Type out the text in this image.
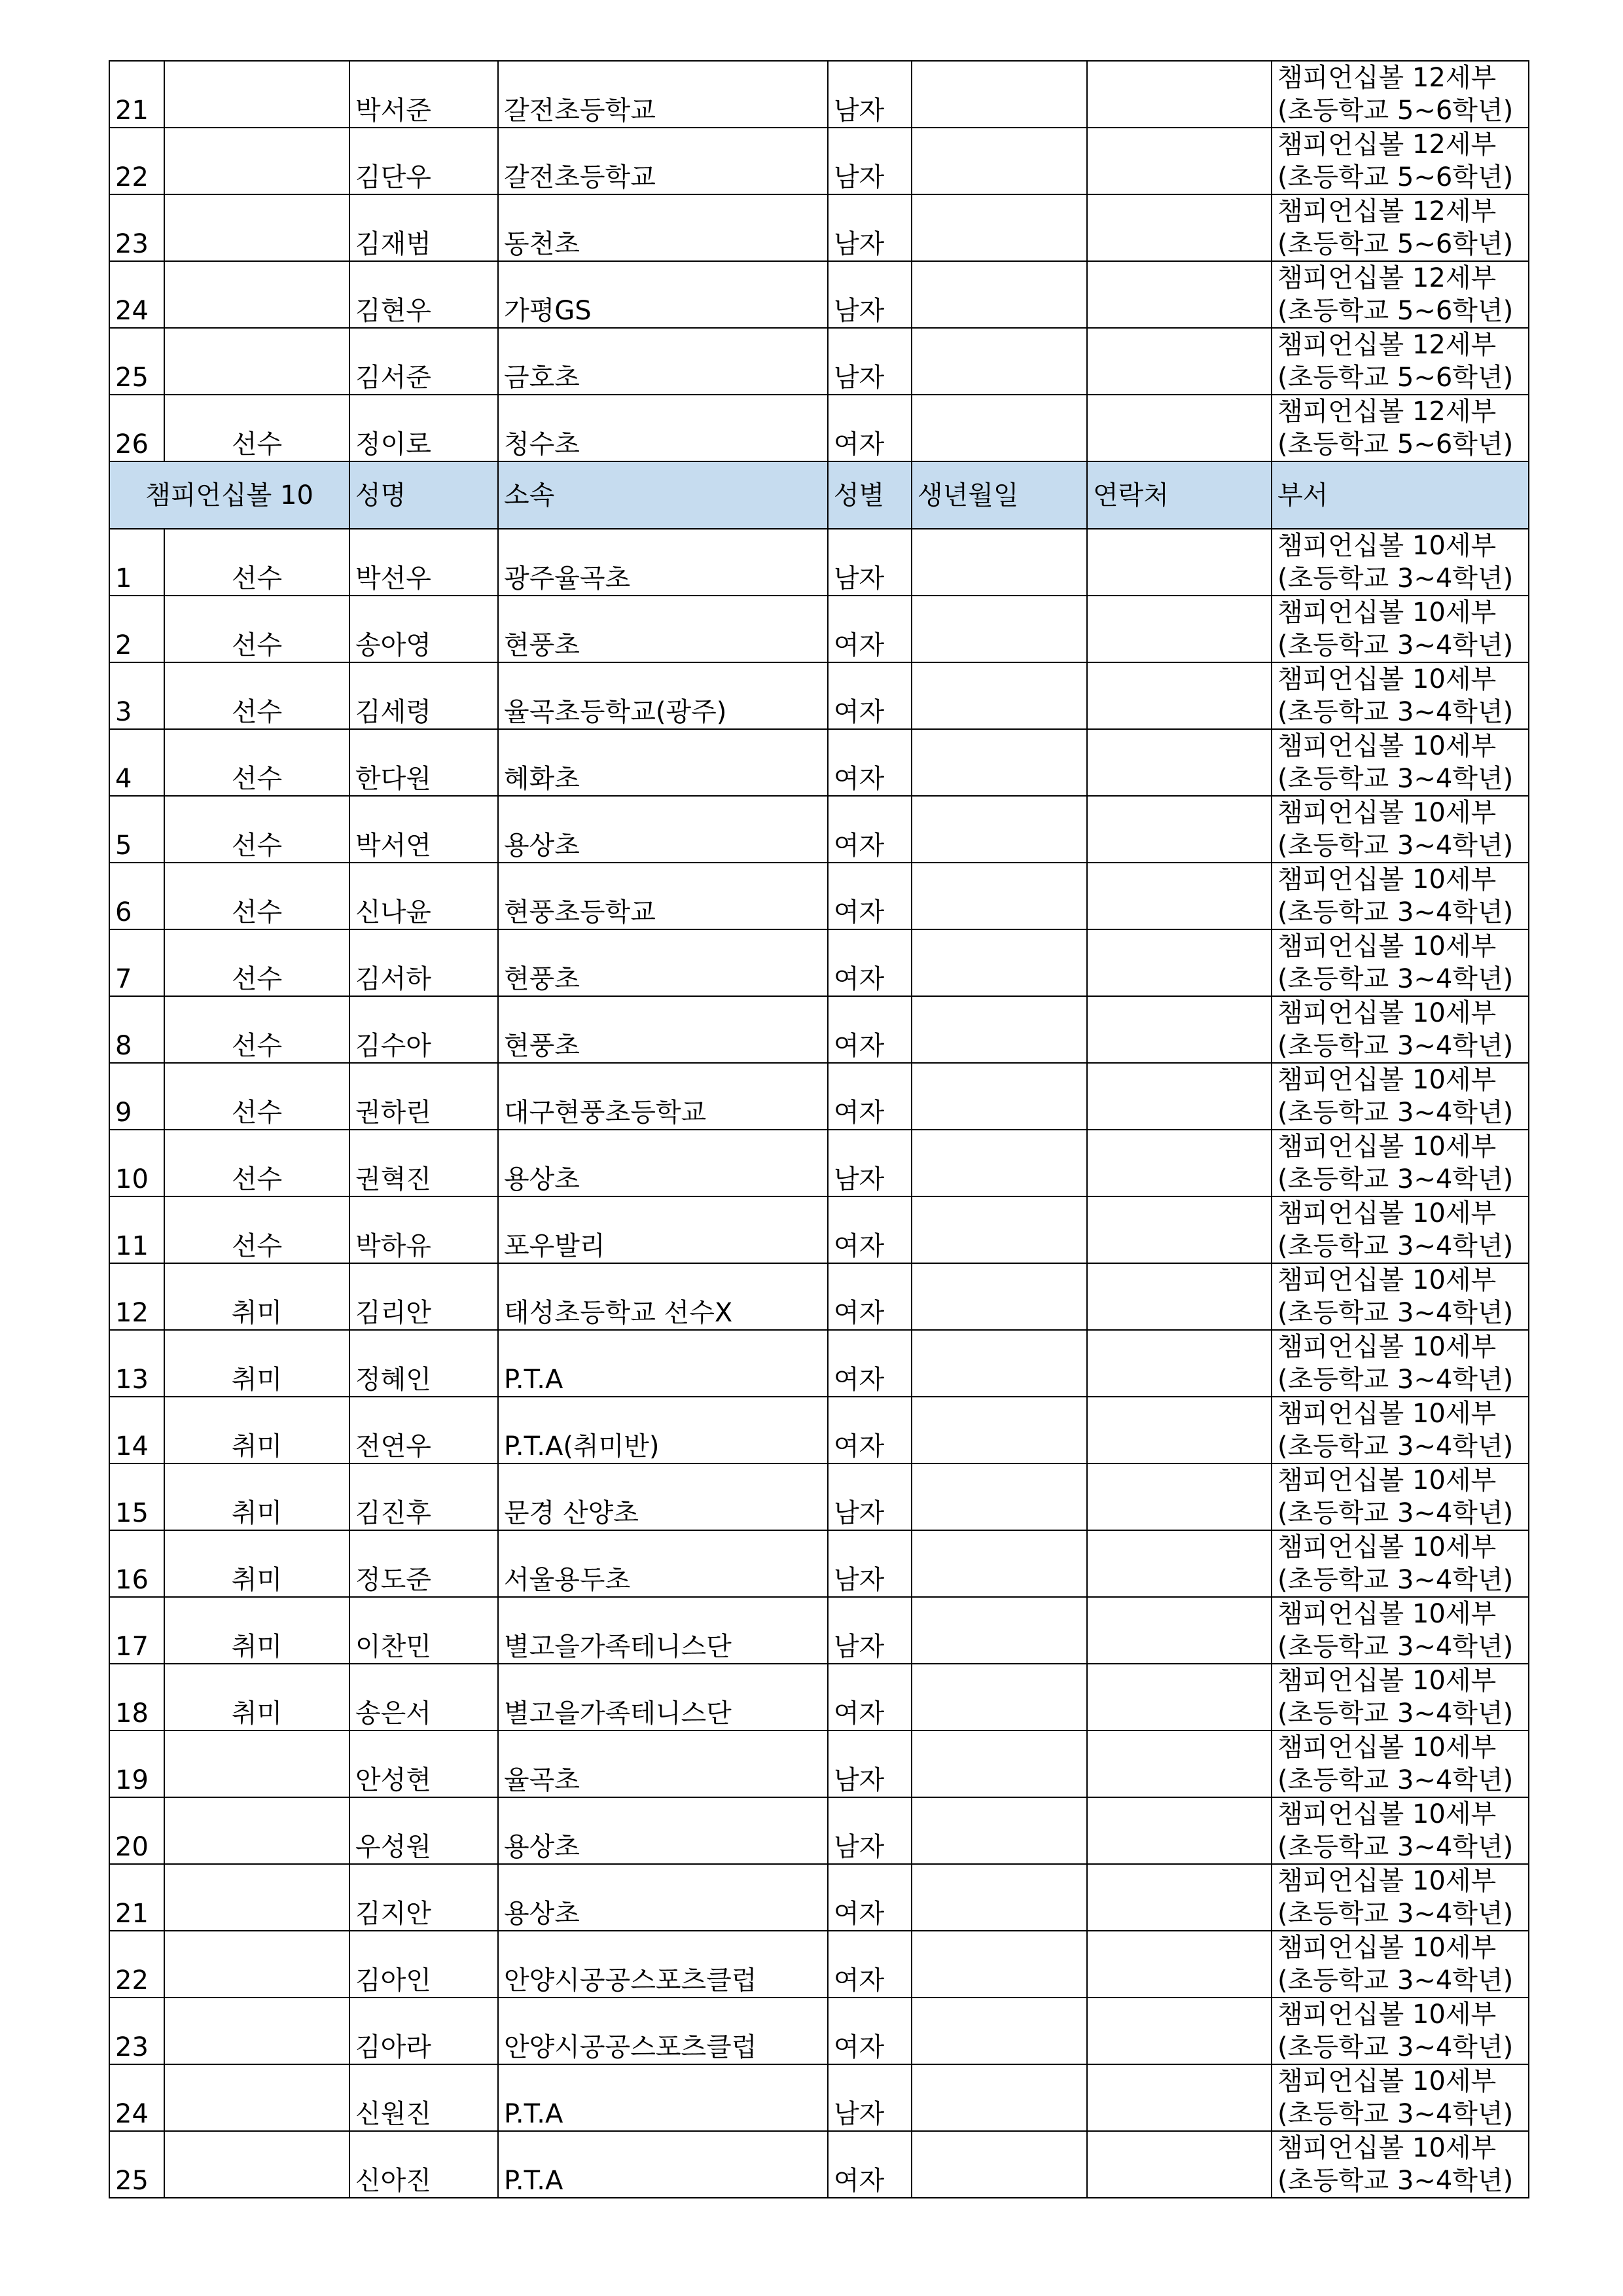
21		박서준	갈전초등학교	남자			챔피언십볼 12세부
(초등학교 5~6학년)

22		김단우	갈전초등학교	남자			챔피언십볼 12세부
(초등학교 5~6학년)

23		김재범	동천초	남자			챔피언십볼 12세부
(초등학교 5~6학년)

24		김현우	가평GS	남자			챔피언십볼 12세부
(초등학교 5~6학년)

25		김서준	금호초	남자			챔피언십볼 12세부
(초등학교 5~6학년)

26	선수	정이로	청수초	여자			챔피언십볼 12세부
(초등학교 5~6학년)

챔피언십볼 10		성명	소속	성별	생년월일	연락처	부서
1	선수	박선우	광주율곡초	남자			챔피언십볼 10세부
(초등학교 3~4학년)

2	선수	송아영	현풍초	여자			챔피언십볼 10세부
(초등학교 3~4학년)

3	선수	김세령	율곡초등학교(광주)	여자			챔피언십볼 10세부
(초등학교 3~4학년)

4	선수	한다원	혜화초	여자			챔피언십볼 10세부
(초등학교 3~4학년)

5	선수	박서연	용상초	여자			챔피언십볼 10세부
(초등학교 3~4학년)

6	선수	신나윤	현풍초등학교	여자			챔피언십볼 10세부
(초등학교 3~4학년)

7	선수	김서하	현풍초	여자			챔피언십볼 10세부
(초등학교 3~4학년)

8	선수	김수아	현풍초	여자			챔피언십볼 10세부
(초등학교 3~4학년)

9	선수	권하린	대구현풍초등학교	여자			챔피언십볼 10세부
(초등학교 3~4학년)

10	선수	권혁진	용상초	남자			챔피언십볼 10세부
(초등학교 3~4학년)

11	선수	박하유	포우발리	여자			챔피언십볼 10세부
(초등학교 3~4학년)

12	취미	김리안	태성초등학교 선수X	여자			챔피언십볼 10세부
(초등학교 3~4학년)

13	취미	정혜인	P.T.A	여자			챔피언십볼 10세부
(초등학교 3~4학년)

14	취미	전연우	P.T.A(취미반)	여자			챔피언십볼 10세부
(초등학교 3~4학년)

15	취미	김진후	문경 산양초	남자			챔피언십볼 10세부
(초등학교 3~4학년)

16	취미	정도준	서울용두초	남자			챔피언십볼 10세부
(초등학교 3~4학년)

17	취미	이찬민	별고을가족테니스단	남자			챔피언십볼 10세부
(초등학교 3~4학년)

18	취미	송은서	별고을가족테니스단	여자			챔피언십볼 10세부
(초등학교 3~4학년)

19		안성현	율곡초	남자			챔피언십볼 10세부
(초등학교 3~4학년)

20		우성원	용상초	남자			챔피언십볼 10세부
(초등학교 3~4학년)

21		김지안	용상초	여자			챔피언십볼 10세부
(초등학교 3~4학년)

22		김아인	안양시공공스포츠클럽	여자			챔피언십볼 10세부
(초등학교 3~4학년)

23		김아라	안양시공공스포츠클럽	여자			챔피언십볼 10세부
(초등학교 3~4학년)

24		신원진	P.T.A	남자			챔피언십볼 10세부
(초등학교 3~4학년)

25		신아진	P.T.A	여자			챔피언십볼 10세부
(초등학교 3~4학년)
